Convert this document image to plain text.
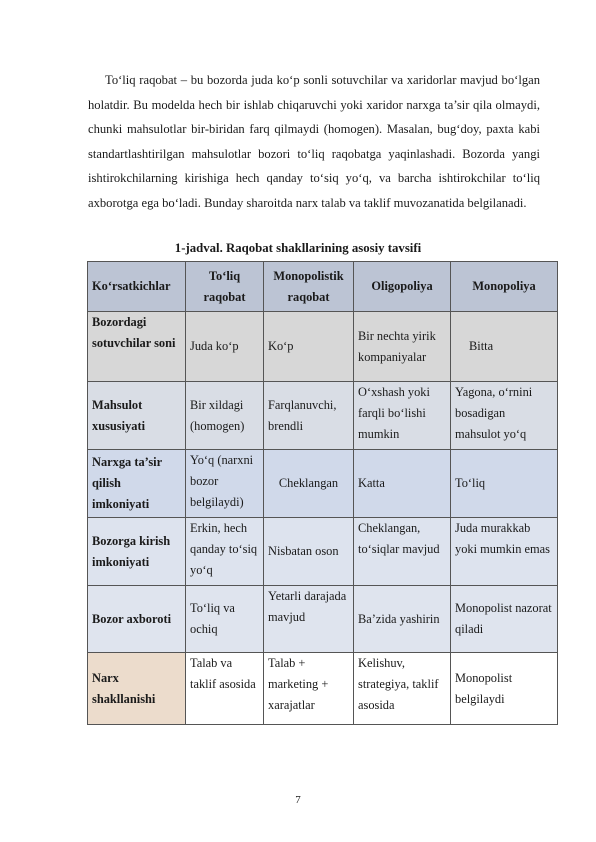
To‘liq raqobat – bu bozorda juda ko‘p sonli sotuvchilar va xaridorlar mavjud bo‘lgan holatdir. Bu modelda hech bir ishlab chiqaruvchi yoki xaridor narxga ta’sir qila olmaydi, chunki mahsulotlar bir-biridan farq qilmaydi (homogen). Masalan, bug‘doy, paxta kabi standartlashtirilgan mahsulotlar bozori to‘liq raqobatga yaqinlashadi. Bozorda yangi ishtirokchilarning kirishiga hech qanday to‘siq yo‘q, va barcha ishtirokchilar to‘liq axborotga ega bo‘ladi. Bunday sharoitda narx talab va taklif muvozanatida belgilanadi.

1-jadval. Raqobat shakllarining asosiy tavsifi
Ko‘rsatkichlar	To‘liq raqobat	Monopolistik raqobat	Oligopoliya	Monopoliya
Bozordagi sotuvchilar soni	Juda ko‘p	Ko‘p	Bir nechta yirik kompaniyalar	Bitta
Mahsulot xususiyati	Bir xildagi (homogen)	Farqlanuvchi, brendli	O‘xshash yoki farqli bo‘lishi mumkin	Yagona, o‘rnini bosadigan mahsulot yo‘q
Narxga ta’sir qilish imkoniyati	Yo‘q (narxni bozor belgilaydi)	Cheklangan	Katta	To‘liq
Bozorga kirish imkoniyati	Erkin, hech qanday to‘siq yo‘q	Nisbatan oson	Cheklangan, to‘siqlar mavjud	Juda murakkab yoki mumkin emas
Bozor axboroti	To‘liq va ochiq	Yetarli darajada mavjud	Ba’zida yashirin	Monopolist nazorat qiladi
Narx shakllanishi	Talab va taklif asosida	Talab + marketing + xarajatlar	Kelishuv, strategiya, taklif asosida	Monopolist belgilaydi
7
